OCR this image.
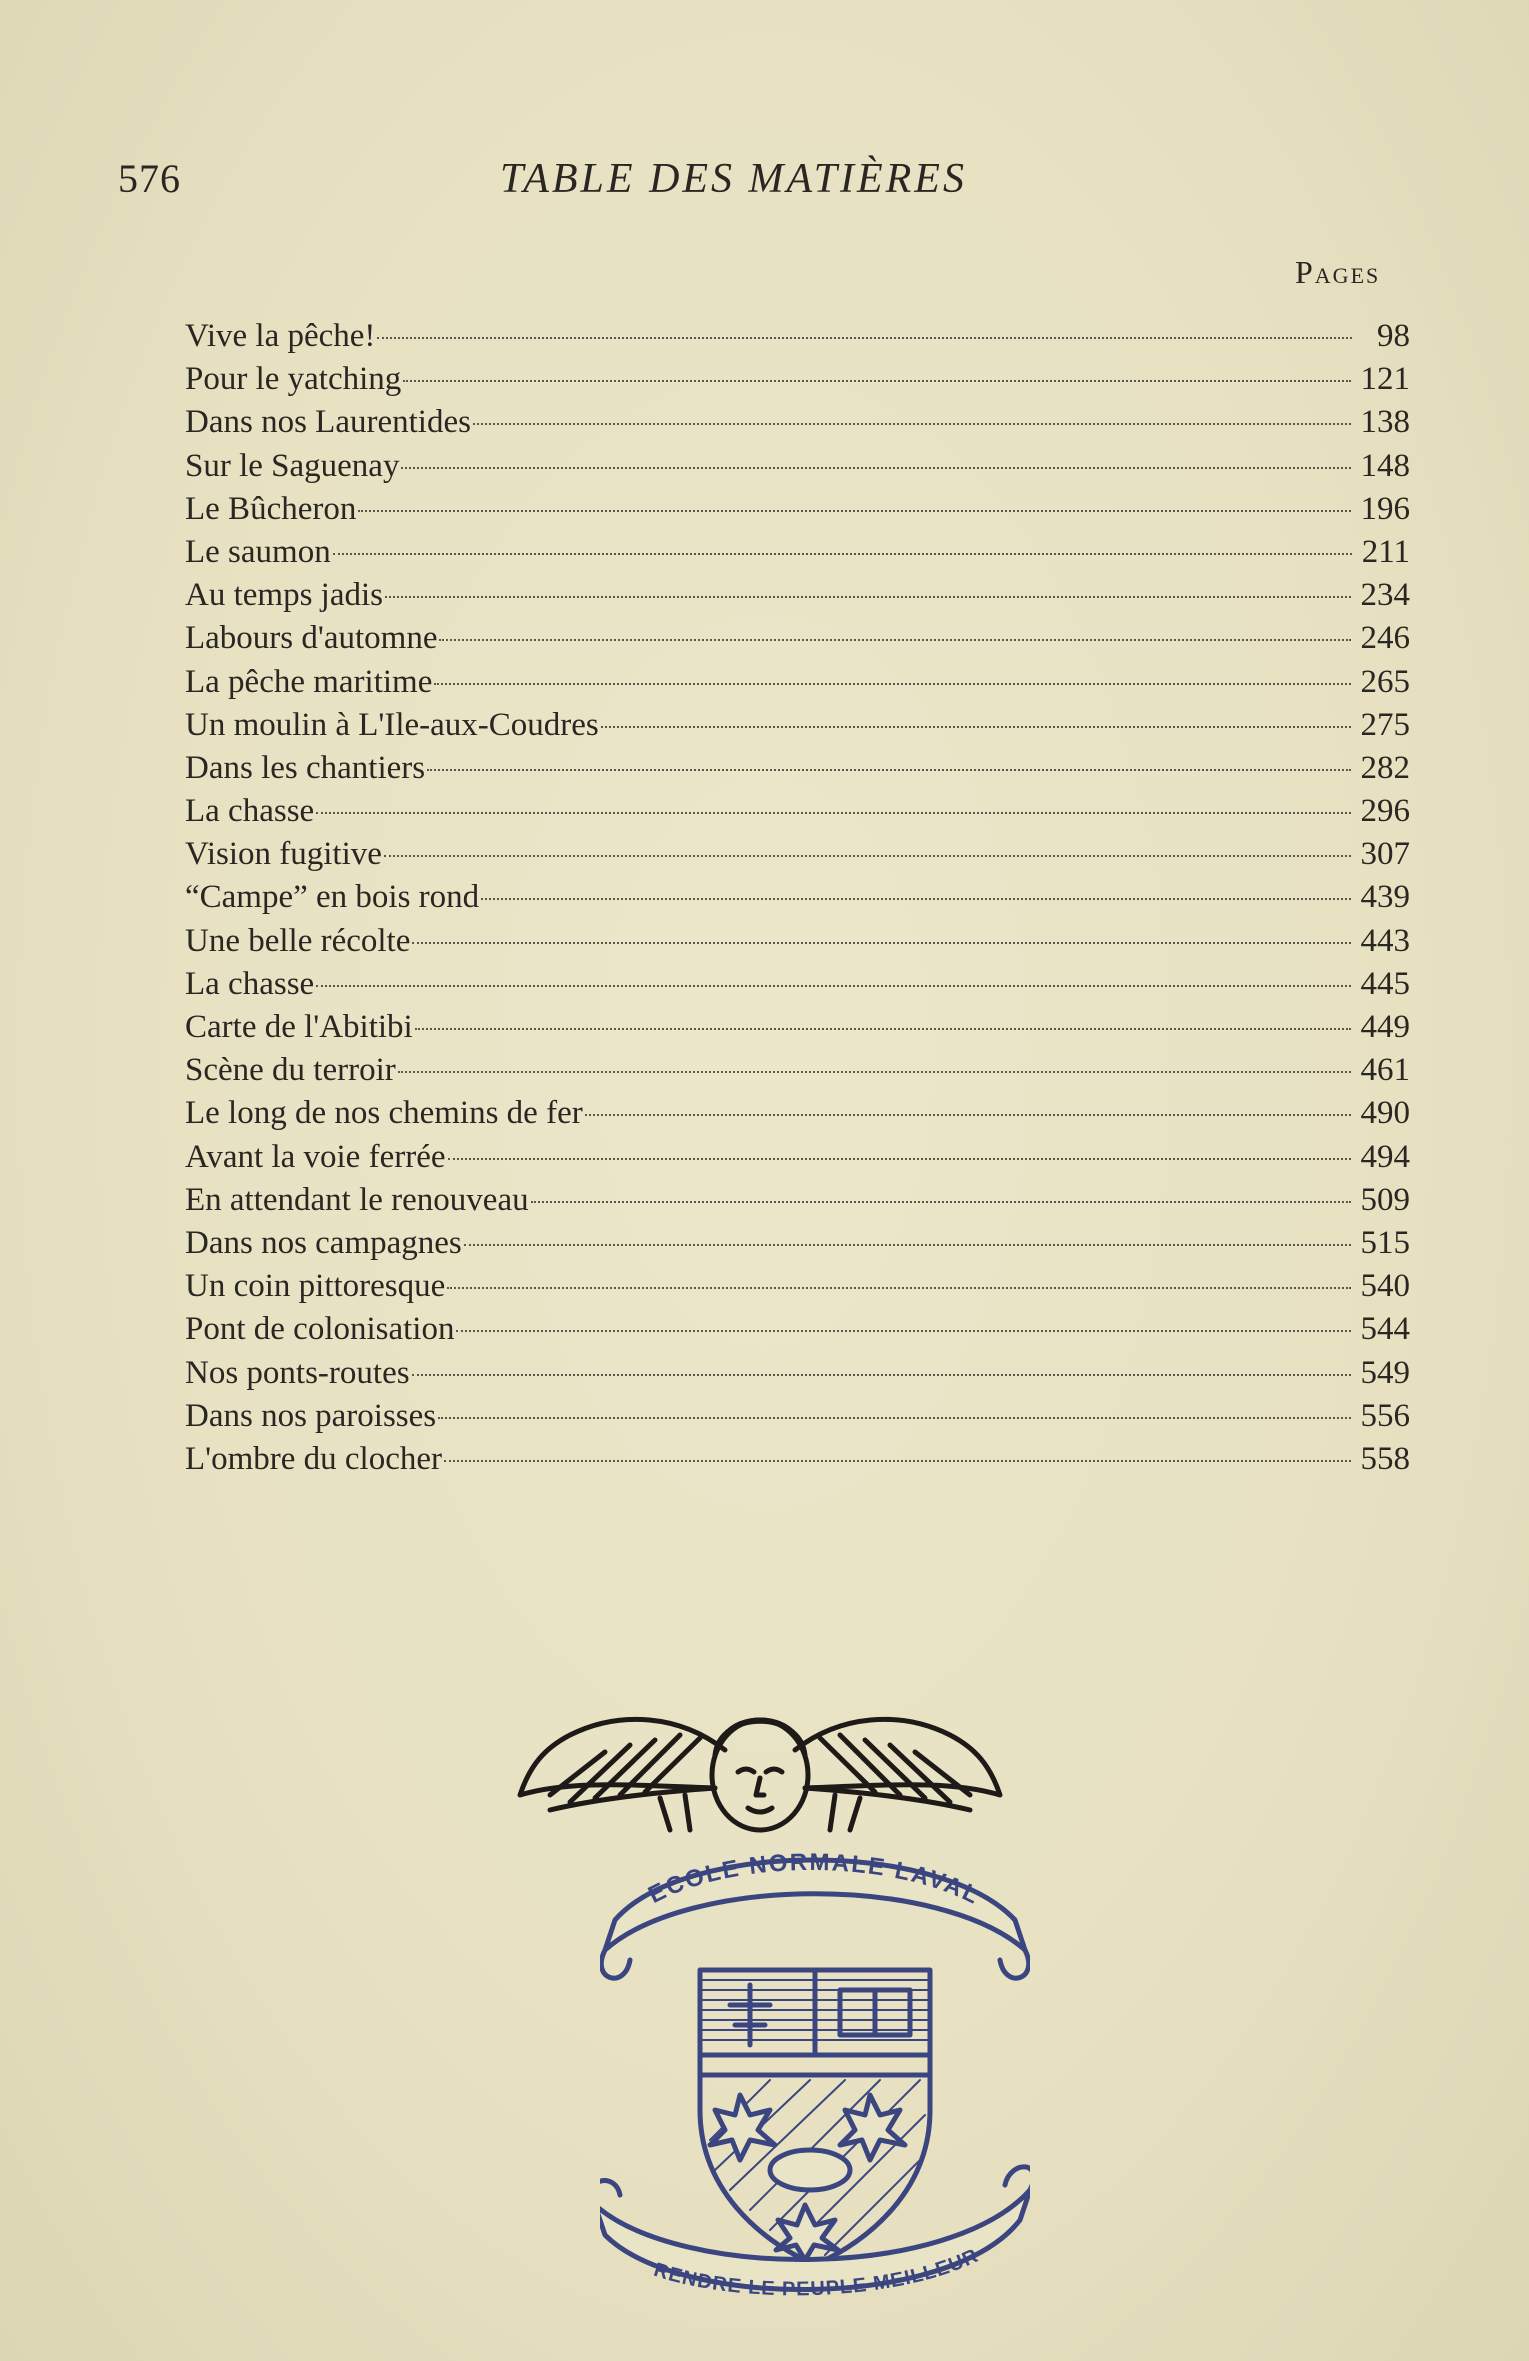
576	TABLE DES MATIÈRES
Pages
Vive la pêche!	98
Pour le yatching	121
Dans nos Laurentides	138
Sur le Saguenay	148
Le Bûcheron	196
Le saumon	211
Au temps jadis	234
Labours d'automne	246
La pêche maritime	265
Un moulin à L'Ile-aux-Coudres	275
Dans les chantiers	282
La chasse	296
Vision fugitive	307
“Campe” en bois rond	439
Une belle récolte	443
La chasse	445
Carte de l'Abitibi	449
Scène du terroir	461
Le long de nos chemins de fer	490
Avant la voie ferrée	494
En attendant le renouveau	509
Dans nos campagnes	515
Un coin pittoresque	540
Pont de colonisation	544
Nos ponts-routes	549
Dans nos paroisses	556
L'ombre du clocher	558
ECOLE NORMALE LAVAL
RENDRE LE PEUPLE MEILLEUR
